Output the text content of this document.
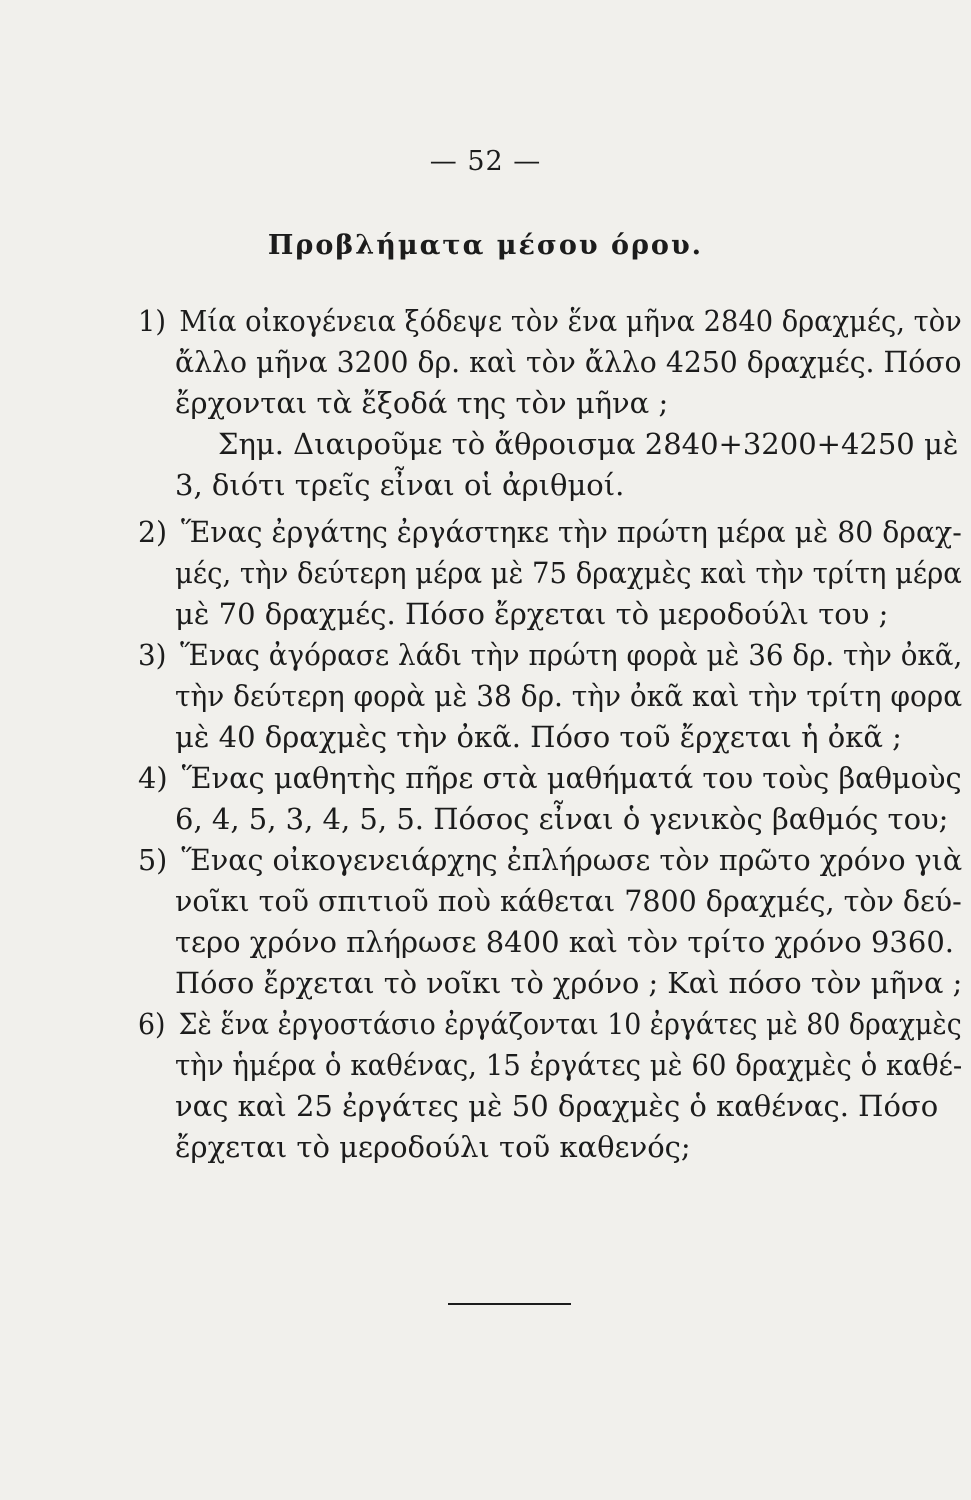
— 52 —
Προβλήματα μέσου όρου.
1) Μία οἰκογένεια ξόδεψε τὸν ἕνα μῆνα 2840 δραχμές, τὸν
ἄλλο μῆνα 3200 δρ. καὶ τὸν ἄλλο 4250 δραχμές. Πόσο
ἔρχονται τὰ ἔξοδά της τὸν μῆνα ;
Σημ. Διαιροῦμε τὸ ἄθροισμα 2840+3200+4250 μὲ
3, διότι τρεῖς εἶναι οἱ ἀριθμοί.
2) Ἕνας ἐργάτης ἐργάστηκε τὴν πρώτη μέρα μὲ 80 δραχ-
μές, τὴν δεύτερη μέρα μὲ 75 δραχμὲς καὶ τὴν τρίτη μέρα
μὲ 70 δραχμές. Πόσο ἔρχεται τὸ μεροδούλι του ;
3) Ἕνας ἀγόρασε λάδι τὴν πρώτη φορὰ μὲ 36 δρ. τὴν ὀκᾶ,
τὴν δεύτερη φορὰ μὲ 38 δρ. τὴν ὀκᾶ καὶ τὴν τρίτη φορα
μὲ 40 δραχμὲς τὴν ὀκᾶ. Πόσο τοῦ ἔρχεται ἡ ὀκᾶ ;
4) Ἕνας μαθητὴς πῆρε στὰ μαθήματά του τοὺς βαθμοὺς
6, 4, 5, 3, 4, 5, 5. Πόσος εἶναι ὁ γενικὸς βαθμός του;
5) Ἕνας οἰκογενειάρχης ἐπλήρωσε τὸν πρῶτο χρόνο γιὰ
νοῖκι τοῦ σπιτιοῦ ποὺ κάθεται 7800 δραχμές, τὸν δεύ-
τερο χρόνο πλήρωσε 8400 καὶ τὸν τρίτο χρόνο 9360.
Πόσο ἔρχεται τὸ νοῖκι τὸ χρόνο ; Καὶ πόσο τὸν μῆνα ;
6) Σὲ ἕνα ἐργοστάσιο ἐργάζονται 10 ἐργάτες μὲ 80 δραχμὲς
τὴν ἡμέρα ὁ καθένας, 15 ἐργάτες μὲ 60 δραχμὲς ὁ καθέ-
νας καὶ 25 ἐργάτες μὲ 50 δραχμὲς ὁ καθένας. Πόσο
ἔρχεται τὸ μεροδούλι τοῦ καθενός;
